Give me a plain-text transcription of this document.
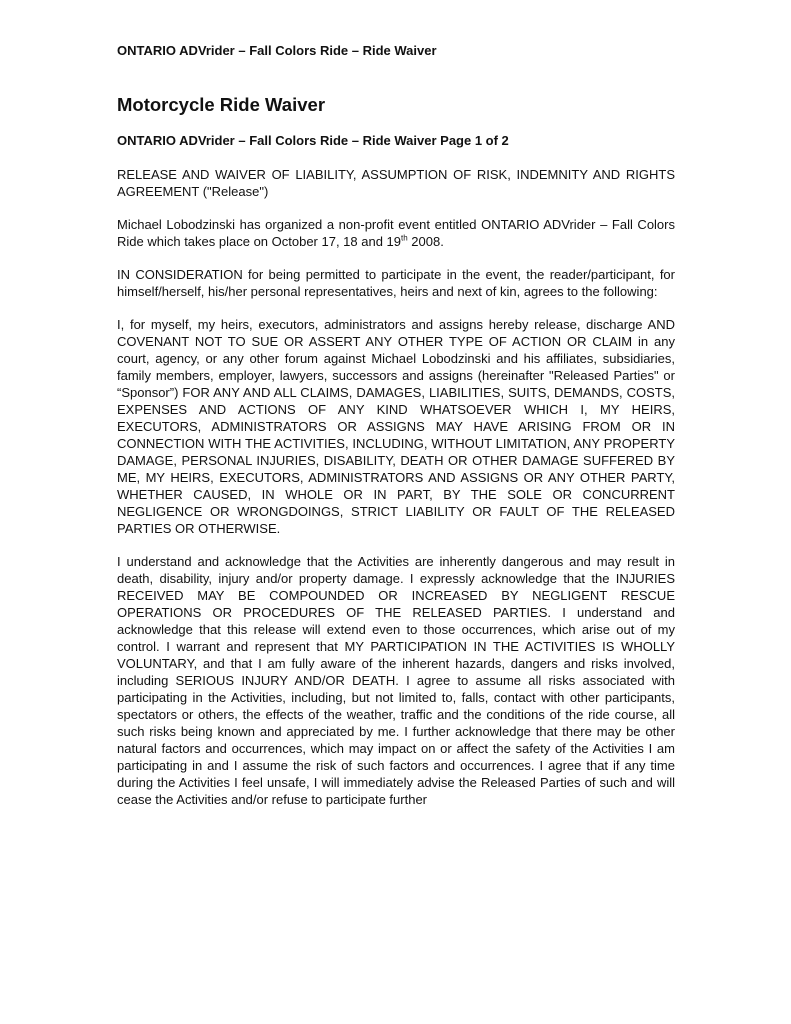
ONTARIO ADVrider – Fall Colors Ride – Ride Waiver

Motorcycle Ride Waiver

ONTARIO ADVrider – Fall Colors Ride – Ride Waiver Page 1 of 2

RELEASE AND WAIVER OF LIABILITY, ASSUMPTION OF RISK, INDEMNITY AND RIGHTS AGREEMENT ("Release")

Michael Lobodzinski has organized a non-profit event entitled ONTARIO ADVrider – Fall Colors Ride which takes place on October 17, 18 and 19th 2008.

IN CONSIDERATION for being permitted to participate in the event, the reader/participant, for himself/herself, his/her personal representatives, heirs and next of kin, agrees to the following:

I, for myself, my heirs, executors, administrators and assigns hereby release, discharge AND COVENANT NOT TO SUE OR ASSERT ANY OTHER TYPE OF ACTION OR CLAIM in any court, agency, or any other forum against Michael Lobodzinski and his affiliates, subsidiaries, family members, employer, lawyers, successors and assigns (hereinafter "Released Parties" or “Sponsor”) FOR ANY AND ALL CLAIMS, DAMAGES, LIABILITIES, SUITS, DEMANDS, COSTS, EXPENSES AND ACTIONS OF ANY KIND WHATSOEVER WHICH I, MY HEIRS, EXECUTORS, ADMINISTRATORS OR ASSIGNS MAY HAVE ARISING FROM OR IN CONNECTION WITH THE ACTIVITIES, INCLUDING, WITHOUT LIMITATION, ANY PROPERTY DAMAGE, PERSONAL INJURIES, DISABILITY, DEATH OR OTHER DAMAGE SUFFERED BY ME, MY HEIRS, EXECUTORS, ADMINISTRATORS AND ASSIGNS OR ANY OTHER PARTY, WHETHER CAUSED, IN WHOLE OR IN PART, BY THE SOLE OR CONCURRENT NEGLIGENCE OR WRONGDOINGS, STRICT LIABILITY OR FAULT OF THE RELEASED PARTIES OR OTHERWISE.

I understand and acknowledge that the Activities are inherently dangerous and may result in death, disability, injury and/or property damage. I expressly acknowledge that the INJURIES RECEIVED MAY BE COMPOUNDED OR INCREASED BY NEGLIGENT RESCUE OPERATIONS OR PROCEDURES OF THE RELEASED PARTIES. I understand and acknowledge that this release will extend even to those occurrences, which arise out of my control. I warrant and represent that MY PARTICIPATION IN THE ACTIVITIES IS WHOLLY VOLUNTARY, and that I am fully aware of the inherent hazards, dangers and risks involved, including SERIOUS INJURY AND/OR DEATH. I agree to assume all risks associated with participating in the Activities, including, but not limited to, falls, contact with other participants, spectators or others, the effects of the weather, traffic and the conditions of the ride course, all such risks being known and appreciated by me. I further acknowledge that there may be other natural factors and occurrences, which may impact on or affect the safety of the Activities I am participating in and I assume the risk of such factors and occurrences. I agree that if any time during the Activities I feel unsafe, I will immediately advise the Released Parties of such and will cease the Activities and/or refuse to participate further
